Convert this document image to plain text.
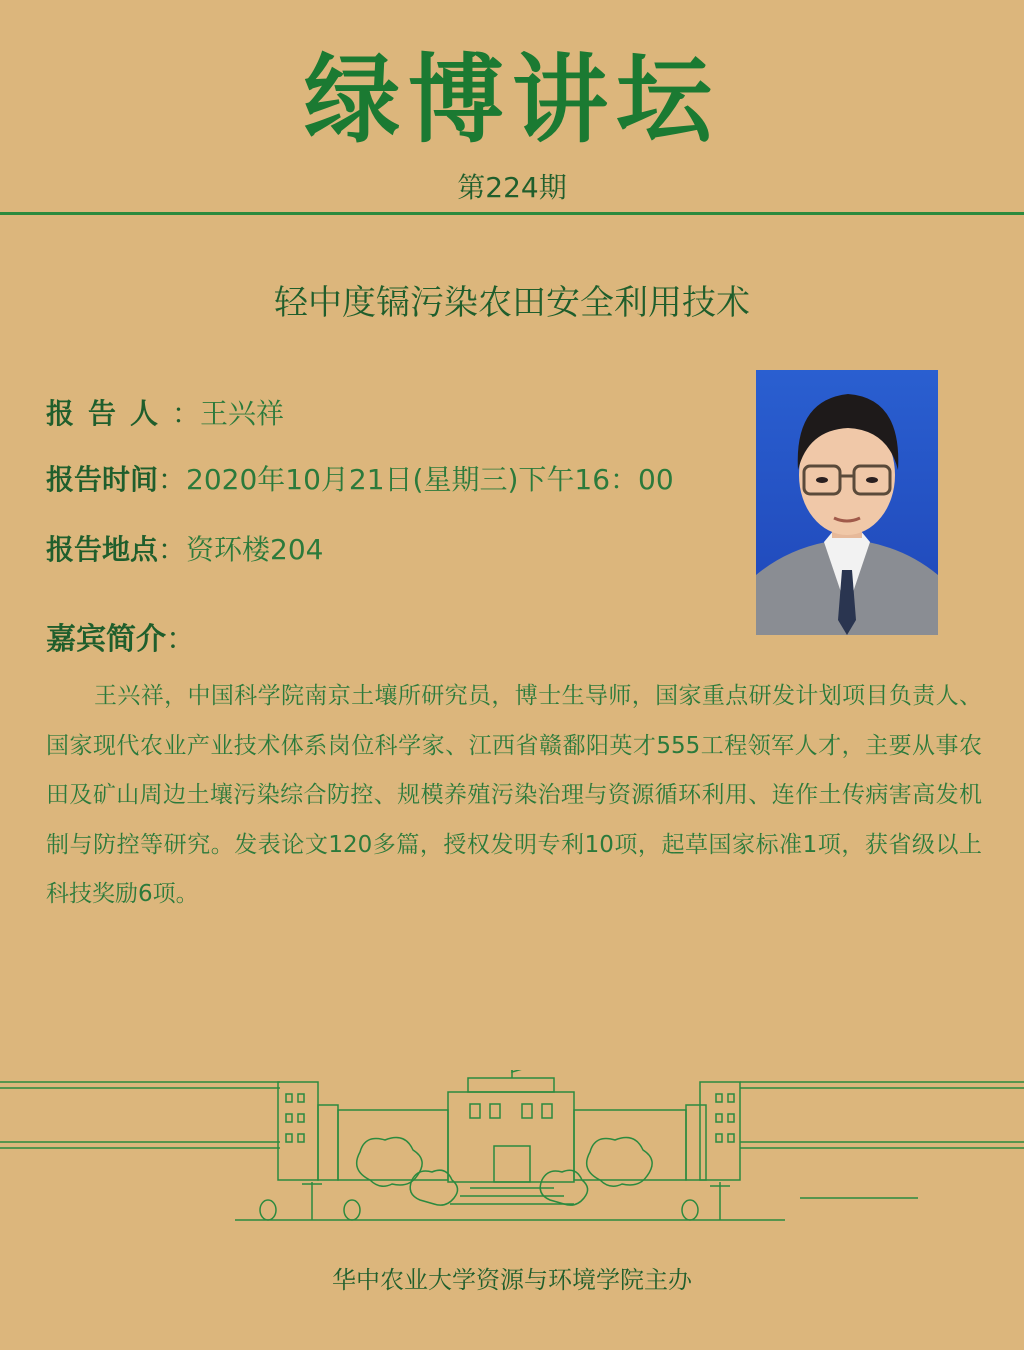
绿博讲坛
第224期
轻中度镉污染农田安全利用技术
报告人：王兴祥
报告时间：2020年10月21日(星期三)下午16：00
报告地点：资环楼204
嘉宾简介：
王兴祥，中国科学院南京土壤所研究员，博士生导师，国家重点研发计划项目负责人、国家现代农业产业技术体系岗位科学家、江西省赣鄱阳英才555工程领军人才，主要从事农田及矿山周边土壤污染综合防控、规模养殖污染治理与资源循环利用、连作土传病害高发机制与防控等研究。发表论文120多篇，授权发明专利10项，起草国家标准1项，获省级以上科技奖励6项。
华中农业大学资源与环境学院主办
